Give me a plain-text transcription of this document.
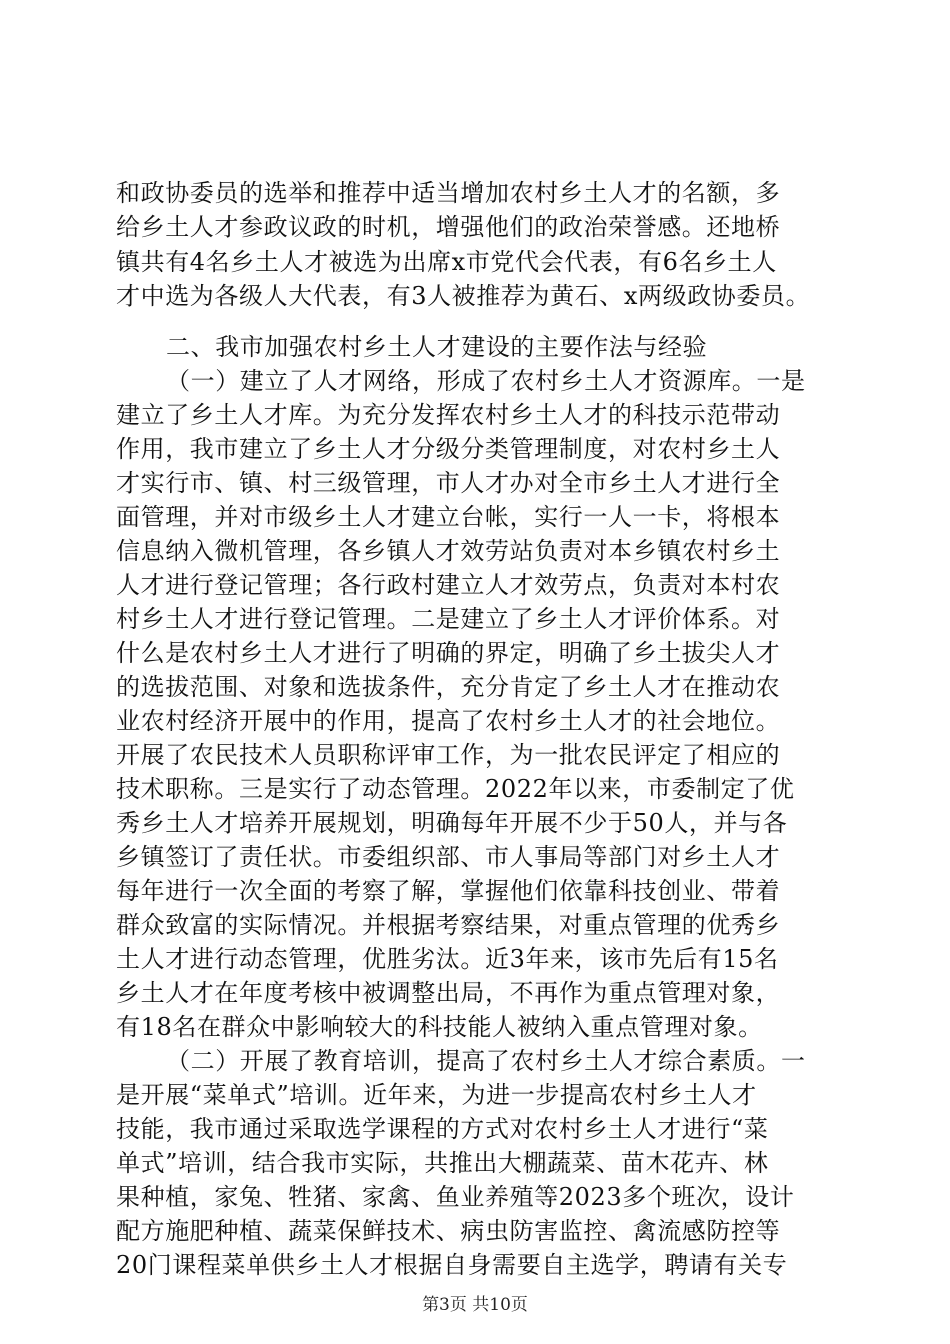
和政协委员的选举和推荐中适当增加农村乡土人才的名额，多
给乡土人才参政议政的时机，增强他们的政治荣誉感。还地桥
镇共有4名乡土人才被选为出席x市党代会代表，有6名乡土人
才中选为各级人大代表，有3人被推荐为黄石、x两级政协委员。
二、我市加强农村乡土人才建设的主要作法与经验
（一）建立了人才网络，形成了农村乡土人才资源库。一是
建立了乡土人才库。为充分发挥农村乡土人才的科技示范带动
作用，我市建立了乡土人才分级分类管理制度，对农村乡土人
才实行市、镇、村三级管理，市人才办对全市乡土人才进行全
面管理，并对市级乡土人才建立台帐，实行一人一卡，将根本
信息纳入微机管理，各乡镇人才效劳站负责对本乡镇农村乡土
人才进行登记管理；各行政村建立人才效劳点，负责对本村农
村乡土人才进行登记管理。二是建立了乡土人才评价体系。对
什么是农村乡土人才进行了明确的界定，明确了乡土拔尖人才
的选拔范围、对象和选拔条件，充分肯定了乡土人才在推动农
业农村经济开展中的作用，提高了农村乡土人才的社会地位。
开展了农民技术人员职称评审工作，为一批农民评定了相应的
技术职称。三是实行了动态管理。2022年以来，市委制定了优
秀乡土人才培养开展规划，明确每年开展不少于50人，并与各
乡镇签订了责任状。市委组织部、市人事局等部门对乡土人才
每年进行一次全面的考察了解，掌握他们依靠科技创业、带着
群众致富的实际情况。并根据考察结果，对重点管理的优秀乡
土人才进行动态管理，优胜劣汰。近3年来，该市先后有15名
乡土人才在年度考核中被调整出局，不再作为重点管理对象，
有18名在群众中影响较大的科技能人被纳入重点管理对象。
（二）开展了教育培训，提高了农村乡土人才综合素质。一
是开展“菜单式”培训。近年来，为进一步提高农村乡土人才
技能，我市通过采取选学课程的方式对农村乡土人才进行“菜
单式”培训，结合我市实际，共推出大棚蔬菜、苗木花卉、林
果种植，家兔、牲猪、家禽、鱼业养殖等2023多个班次，设计
配方施肥种植、蔬菜保鲜技术、病虫防害监控、禽流感防控等
20门课程菜单供乡土人才根据自身需要自主选学，聘请有关专
第3页 共10页
